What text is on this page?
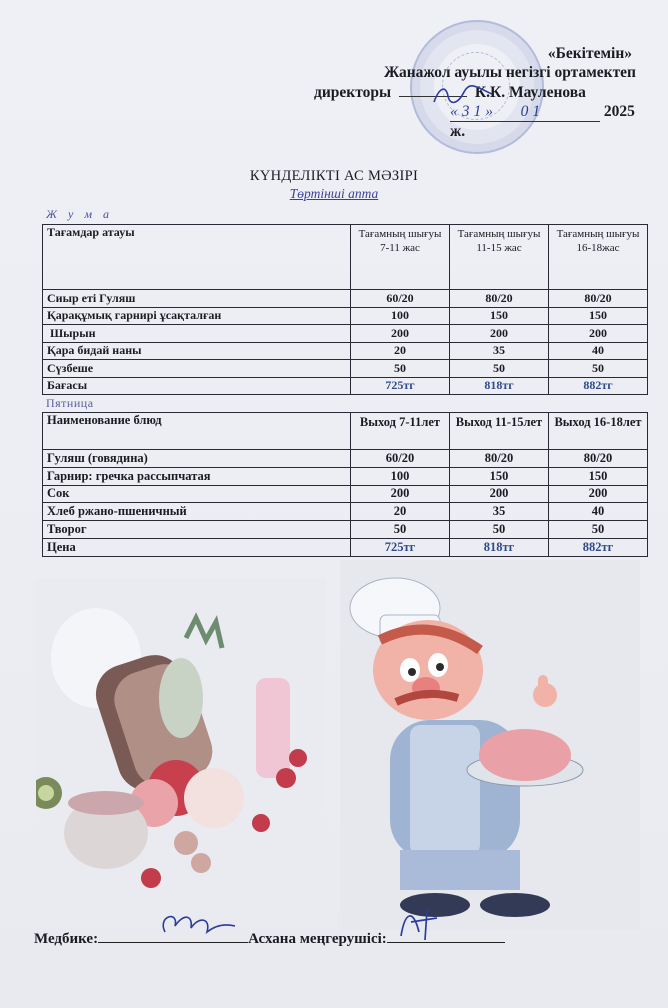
«Бекітемін»
Жанажол ауылы негізгі ортамектеп
директоры	К.К. Мауленова
«31» 01	2025 ж.
КҮНДЕЛІКТІ АС МӘЗІРІ
Төртінші апта
Ж у м а
Тағамдар атауы	Тағамның шығуы 7-11 жас	Тағамның шығуы 11-15 жас	Тағамның шығуы 16-18жас
Сиыр еті Гуляш	60/20	80/20	80/20
Қарақұмық гарнирі ұсақталған	100	150	150
Шырын	200	200	200
Қара бидай наны	20	35	40
Сүзбеше	50	50	50
Бағасы	725тг	818тг	882тг
Пятница
Наименование блюд	Выход 7-11лет	Выход 11-15лет	Выход 16-18лет
Гуляш (говядина)	60/20	80/20	80/20
Гарнир: гречка рассыпчатая	100	150	150
Сок	200	200	200
Хлеб ржано-пшеничный	20	35	40
Творог	50	50	50
Цена	725тг	818тг	882тг
Медбике:	Асхана меңгерушісі:
